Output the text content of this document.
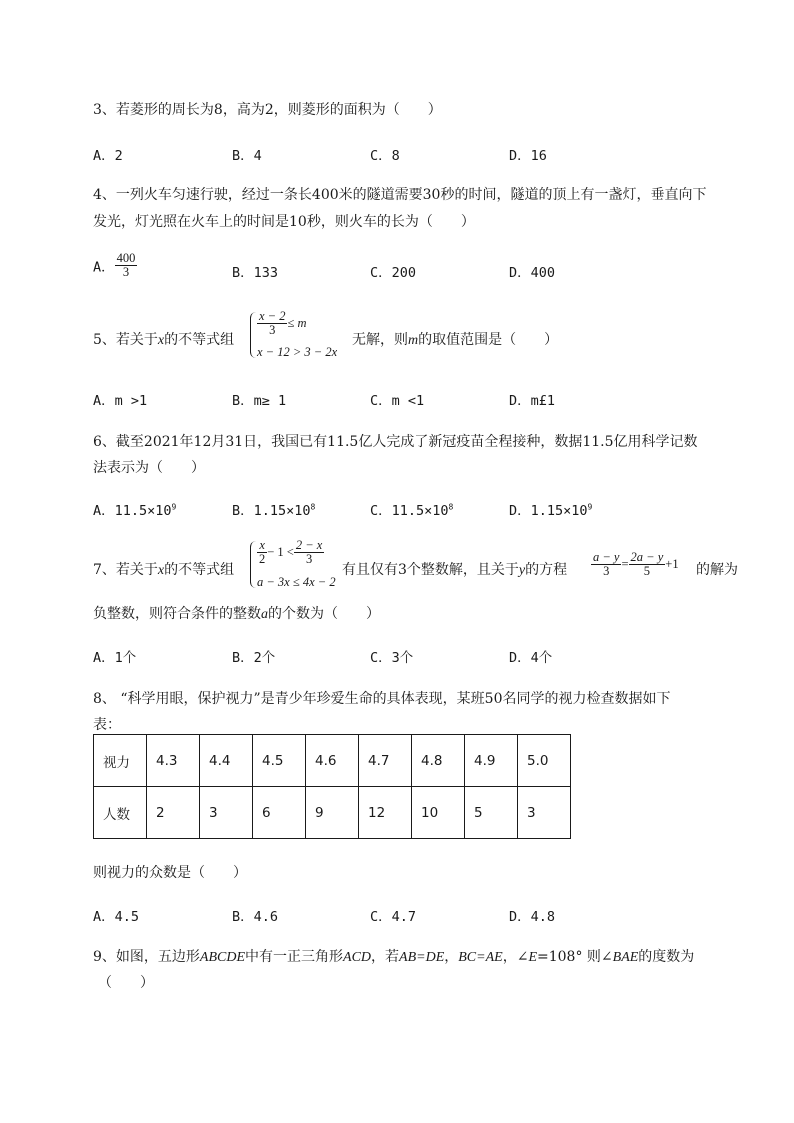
3、若菱形的周长为8，高为2，则菱形的面积为（　　）
A．2	B．4	C．8	D．16
4、一列火车匀速行驶，经过一条长400米的隧道需要30秒的时间，隧道的顶上有一盏灯，垂直向下
发光，灯光照在火车上的时间是10秒，则火车的长为（　　）
A． $\frac{400}{3}$	B．133	C．200	D．400
5、若关于x的不等式组
$\frac{x - 2}{3} \le m$
x − 12 > 3 − 2x
无解，则m的取值范围是（　　）
A．m >1	B．m≥ 1	C．m <1	D．m£1
6、截至2021年12月31日，我国已有11.5亿人完成了新冠疫苗全程接种，数据11.5亿用科学记数
法表示为（　　）
A．$11.5\times 10^9$	B．$1.15\times 10^8$	C．$11.5\times 10^8$	D．$1.15\times 10^9$
7、若关于x的不等式组
$\frac{x}{2} - 1 < \frac{2 - x}{3}$
a − 3x ≤ 4x − 2
有且仅有3个整数解，且关于y的方程 $\frac{a - y}{3} = \frac{2a - y}{5} +1$ 的解为
负整数，则符合条件的整数a的个数为（　　）
A．1个	B．2个	C．3个	D．4个
8、 “科学用眼，保护视力”是青少年珍爱生命的具体表现，某班50名同学的视力检查数据如下
表：
视力	4.3	4.4	4.5	4.6	4.7	4.8	4.9	5.0
人数	2	3	6	9	12	10	5	3
则视力的众数是（　　）
A．4.5	B．4.6	C．4.7	D．4.8
9、如图，五边形ABCDE中有一正三角形ACD，若AB=DE，BC=AE，∠E=108° 则∠BAE的度数为
（　　）
